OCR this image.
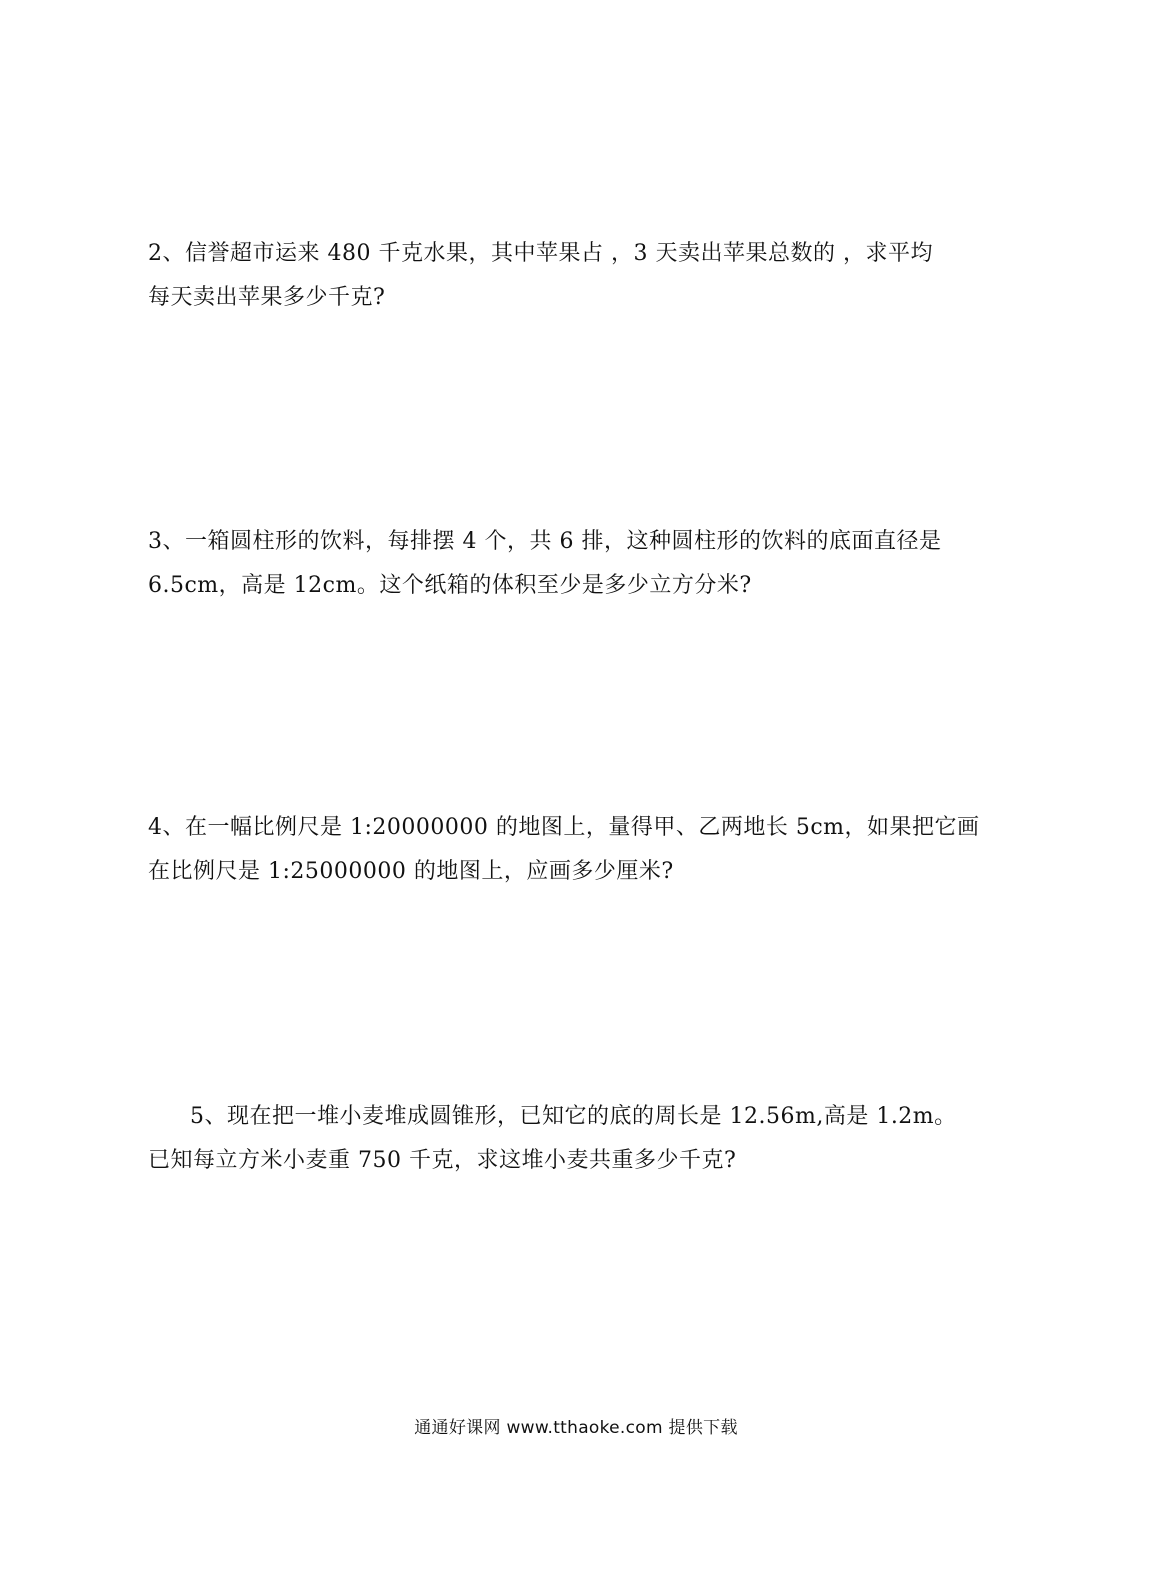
2、信誉超市运来 480 千克水果，其中苹果占 ，3 天卖出苹果总数的 ，求平均
每天卖出苹果多少千克?
3、一箱圆柱形的饮料，每排摆 4 个，共 6 排，这种圆柱形的饮料的底面直径是
6.5cm，高是 12cm。这个纸箱的体积至少是多少立方分米?
4、在一幅比例尺是 1:20000000 的地图上，量得甲、乙两地长 5cm，如果把它画
在比例尺是 1:25000000 的地图上，应画多少厘米?
5、现在把一堆小麦堆成圆锥形，已知它的底的周长是 12.56m,高是 1.2m。
已知每立方米小麦重 750 千克，求这堆小麦共重多少千克?
通通好课网 www.tthaoke.com 提供下载
